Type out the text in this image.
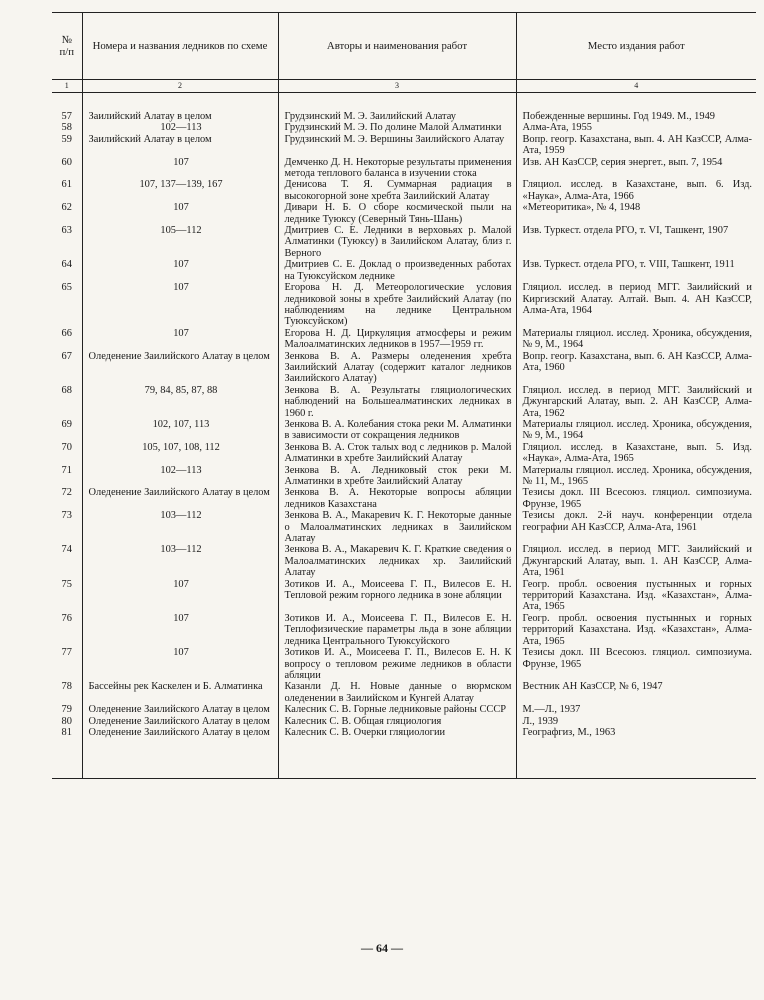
№ п/п	Номера и названия ледников по схеме	Авторы и наименования работ	Место издания работ
1	2	3	4

57	Заилийский Алатау в целом	Грудзинский М. Э. Заилийский Алатау	Побежденные вершины. Год 1949. М., 1949
58	102—113	Грудзинский М. Э. По долине Малой Алматинки	Алма-Ата, 1955
59	Заилийский Алатау в целом	Грудзинский М. Э. Вершины Заилийского Алатау	Вопр. геогр. Казахстана, вып. 4. АН КазССР, Алма-Ата, 1959
60	107	Демченко Д. Н. Некоторые результаты применения метода теплового баланса в изучении стока	Изв. АН КазССР, серия энергет., вып. 7, 1954
61	107, 137—139, 167	Денисова Т. Я. Суммарная радиация в высокогорной зоне хребта Заилийский Алатау	Гляциол. исслед. в Казахстане, вып. 6. Изд. «Наука», Алма-Ата, 1966
62	107	Дивари Н. Б. О сборе космической пыли на леднике Туюксу (Северный Тянь-Шань)	«Метеоритика», № 4, 1948
63	105—112	Дмитриев С. Е. Ледники в верховьях р. Малой Алматинки (Туюксу) в Заилийском Алатау, близ г. Верного	Изв. Туркест. отдела РГО, т. VI, Ташкент, 1907
64	107	Дмитриев С. Е. Доклад о произведенных работах на Туюксуйском леднике	Изв. Туркест. отдела РГО, т. VIII, Ташкент, 1911
65	107	Егорова Н. Д. Метеорологические условия ледниковой зоны в хребте Заилийский Алатау (по наблюдениям на леднике Центральном Туюксуйском)	Гляциол. исслед. в период МГГ. Заилийский и Киргизский Алатау. Алтай. Вып. 4. АН КазССР, Алма-Ата, 1964
66	107	Егорова Н. Д. Циркуляция атмосферы и режим Малоалматинских ледников в 1957—1959 гг.	Материалы гляциол. исслед. Хроника, обсуждения, № 9, М., 1964
67	Оледенение Заилийского Алатау в целом	Зенкова В. А. Размеры оледенения хребта Заилийский Алатау (содержит каталог ледников Заилийского Алатау)	Вопр. геогр. Казахстана, вып. 6. АН КазССР, Алма-Ата, 1960
68	79, 84, 85, 87, 88	Зенкова В. А. Результаты гляциологических наблюдений на Большеалматинских ледниках в 1960 г.	Гляциол. исслед. в период МГГ. Заилийский и Джунгарский Алатау, вып. 2. АН КазССР, Алма-Ата, 1962
69	102, 107, 113	Зенкова В. А. Колебания стока реки М. Алматинки в зависимости от сокращения ледников	Материалы гляциол. исслед. Хроника, обсуждения, № 9, М., 1964
70	105, 107, 108, 112	Зенкова В. А. Сток талых вод с ледников р. Малой Алматинки в хребте Заилийский Алатау	Гляциол. исслед. в Казахстане, вып. 5. Изд. «Наука», Алма-Ата, 1965
71	102—113	Зенкова В. А. Ледниковый сток реки М. Алматинки в хребте Заилийский Алатау	Материалы гляциол. исслед. Хроника, обсуждения, № 11, М., 1965
72	Оледенение Заилийского Алатау в целом	Зенкова В. А. Некоторые вопросы абляции ледников Казахстана	Тезисы докл. III Всесоюз. гляциол. симпозиума. Фрунзе, 1965
73	103—112	Зенкова В. А., Макаревич К. Г. Некоторые данные о Малоалматинских ледниках в Заилийском Алатау	Тезисы докл. 2-й науч. конференции отдела географии АН КазССР, Алма-Ата, 1961
74	103—112	Зенкова В. А., Макаревич К. Г. Краткие сведения о Малоалматинских ледниках хр. Заилийский Алатау	Гляциол. исслед. в период МГГ. Заилийский и Джунгарский Алатау, вып. 1. АН КазССР, Алма-Ата, 1961
75	107	Зотиков И. А., Моисеева Г. П., Вилесов Е. Н. Тепловой режим горного ледника в зоне абляции	Геогр. пробл. освоения пустынных и горных территорий Казахстана. Изд. «Казахстан», Алма-Ата, 1965
76	107	Зотиков И. А., Моисеева Г. П., Вилесов Е. Н. Теплофизические параметры льда в зоне абляции ледника Центрального Туюксуйского	Геогр. пробл. освоения пустынных и горных территорий Казахстана. Изд. «Казахстан», Алма-Ата, 1965
77	107	Зотиков И. А., Моисеева Г. П., Вилесов Е. Н. К вопросу о тепловом режиме ледников в области абляции	Тезисы докл. III Всесоюз. гляциол. симпозиума. Фрунзе, 1965
78	Бассейны рек Каскелен и Б. Алматинка	Казанли Д. Н. Новые данные о вюрмском оледенении в Заилийском и Кунгей Алатау	Вестник АН КазССР, № 6, 1947
79	Оледенение Заилийского Алатау в целом	Калесник С. В. Горные ледниковые районы СССР	М.—Л., 1937
80	Оледенение Заилийского Алатау в целом	Калесник С. В. Общая гляциология	Л., 1939
81	Оледенение Заилийского Алатау в целом	Калесник С. В. Очерки гляциологии	Географгиз, М., 1963

— 64 —
